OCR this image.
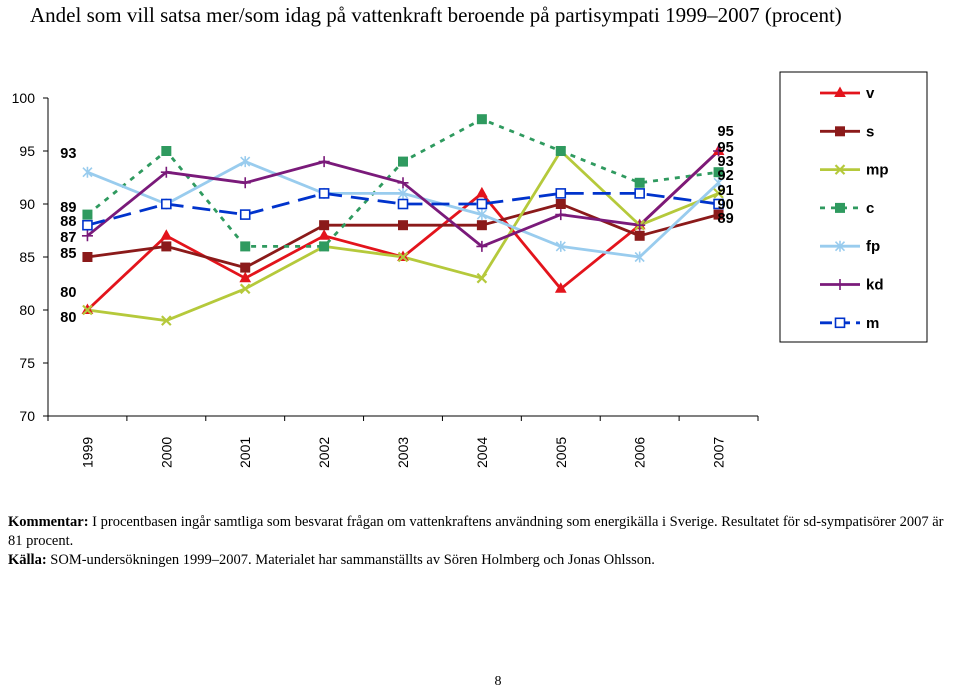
Andel som vill satsa mer/som idag på vattenkraft beroende på partisympati 1999–2007 (procent)
70
75
80
85
90
95
100
1999	2000	2001	2002	2003	2004	2005	2006	2007
93
89
88
87
85
80
80
95
95
93
92
91
90
89
v
s
mp
c
fp
kd
m

Kommentar: I procentbasen ingår samtliga som besvarat frågan om vattenkraftens användning som energikälla i Sverige. Resultatet för sd-sympatisörer 2007 är 81 procent.

Källa: SOM-undersökningen 1999–2007. Materialet har sammanställts av Sören Holmberg och Jonas Ohlsson.

8
